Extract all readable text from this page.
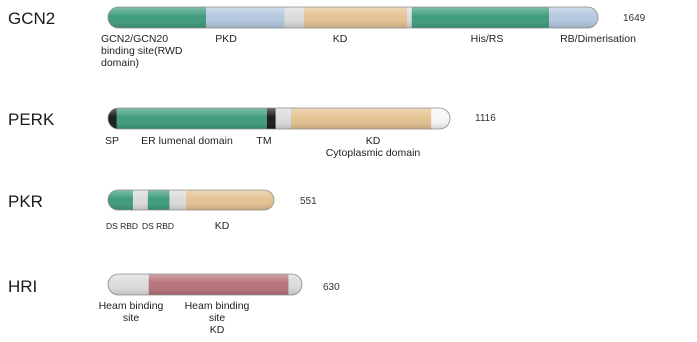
GCN2	1649
GCN2/GCN20 binding site(RWD domain)
PKD	KD	His/RS	RB/Dimerisation
PERK	1116
SP ER lumenal domain TM	KD Cytoplasmic domain
PKR	551
DS RBD DS RBD	KD
HRI	630
Heam binding site
Heam binding site KD
